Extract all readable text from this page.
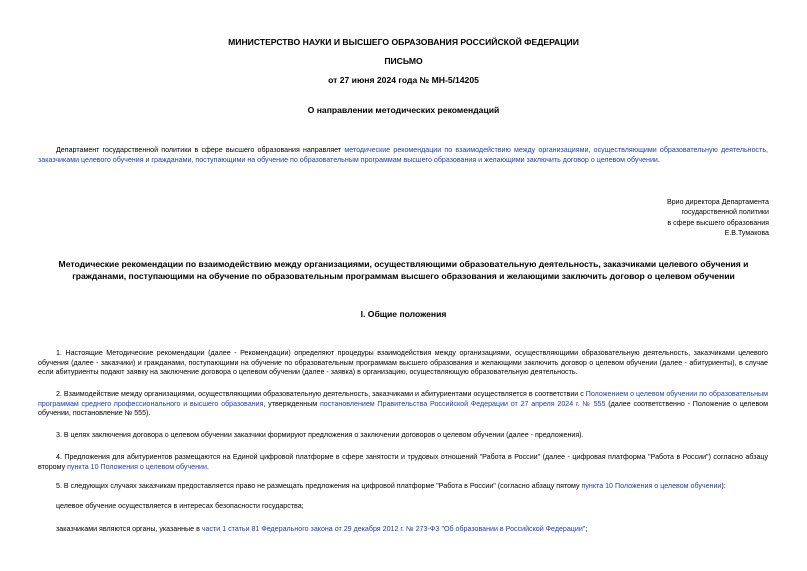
МИНИСТЕРСТВО НАУКИ И ВЫСШЕГО ОБРАЗОВАНИЯ РОССИЙСКОЙ ФЕДЕРАЦИИ
ПИСЬМО
от 27 июня 2024 года № МН-5/14205
О направлении методических рекомендаций
Департамент государственной политики в сфере высшего образования направляет методические рекомендации по взаимодействию между организациями, осуществляющими образовательную деятельность, заказчиками целевого обучения и гражданами, поступающими на обучение по образовательным программам высшего образования и желающими заключить договор о целевом обучении.
Врио директора Департамента
государственной политики
в сфере высшего образования
Е.В.Тумакова
Методические рекомендации по взаимодействию между организациями, осуществляющими образовательную деятельность, заказчиками целевого обучения и гражданами, поступающими на обучение по образовательным программам высшего образования и желающими заключить договор о целевом обучении
I. Общие положения
1. Настоящие Методические рекомендации (далее - Рекомендации) определяют процедуры взаимодействия между организациями, осуществляющими образовательную деятельность, заказчиками целевого обучения (далее - заказчики) и гражданами, поступающими на обучение по образовательным программам высшего образования и желающими заключить договор о целевом обучении (далее - абитуриенты), в случае если абитуриенты подают заявку на заключение договора о целевом обучении (далее - заявка) в организацию, осуществляющую образовательную деятельность.
2. Взаимодействие между организациями, осуществляющими образовательную деятельность, заказчиками и абитуриентами осуществляется в соответствии с Положением о целевом обучении по образовательным программам среднего профессионального и высшего образования, утвержденным постановлением Правительства Российской Федерации от 27 апреля 2024 г. № 555 (далее соответственно - Положение о целевом обучении, постановление № 555).
3. В целях заключения договора о целевом обучении заказчики формируют предложения о заключении договоров о целевом обучении (далее - предложения).
4. Предложения для абитуриентов размещаются на Единой цифровой платформе в сфере занятости и трудовых отношений "Работа в России" (далее - цифровая платформа "Работа в России") согласно абзацу второму пункта 10 Положения о целевом обучении.
5. В следующих случаях заказчикам предоставляется право не размещать предложения на цифровой платформе "Работа в России" (согласно абзацу пятому пункта 10 Положения о целевом обучении):
целевое обучение осуществляется в интересах безопасности государства;
заказчиками являются органы, указанные в части 1 статьи 81 Федерального закона от 29 декабря 2012 г. № 273-ФЗ "Об образовании в Российской Федерации";
